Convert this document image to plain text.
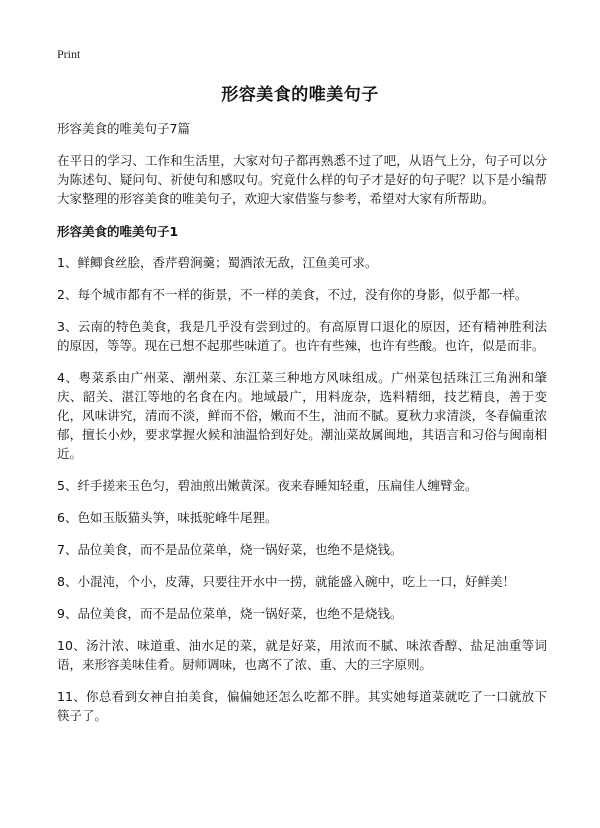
Print
形容美食的唯美句子

形容美食的唯美句子7篇

在平日的学习、工作和生活里，大家对句子都再熟悉不过了吧，从语气上分，句子可以分为陈述句、疑问句、祈使句和感叹句。究竟什么样的句子才是好的句子呢？以下是小编帮大家整理的形容美食的唯美句子，欢迎大家借鉴与参考，希望对大家有所帮助。

形容美食的唯美句子1

1、鲜鲫食丝脍，香芹碧涧羹；蜀酒浓无敌，江鱼美可求。

2、每个城市都有不一样的街景，不一样的美食，不过，没有你的身影，似乎都一样。

3、云南的特色美食，我是几乎没有尝到过的。有高原胃口退化的原因，还有精神胜利法的原因，等等。现在已想不起那些味道了。也许有些辣，也许有些酸。也许，似是而非。

4、粤菜系由广州菜、潮州菜、东江菜三种地方风味组成。广州菜包括珠江三角洲和肇庆、韶关、湛江等地的名食在内。地域最广，用料庞杂，选料精细，技艺精良，善于变化，风味讲究，清而不淡，鲜而不俗，嫩而不生，油而不腻。夏秋力求清淡，冬春偏重浓郁，擅长小炒，要求掌握火候和油温恰到好处。潮汕菜故属闽地，其语言和习俗与闽南相近。

5、纤手搓来玉色匀，碧油煎出嫩黄深。夜来春睡知轻重，压扁佳人缠臂金。

6、色如玉版猫头笋，味抵驼峰牛尾狸。

7、品位美食，而不是品位菜单，烧一锅好菜，也绝不是烧钱。

8、小混沌，个小，皮薄，只要往开水中一捞，就能盛入碗中，吃上一口，好鲜美！

9、品位美食，而不是品位菜单，烧一锅好菜，也绝不是烧钱。

10、汤汁浓、味道重、油水足的菜，就是好菜，用浓而不腻、味浓香醇、盐足油重等词语，来形容美味佳肴。厨师调味，也离不了浓、重、大的三字原则。

11、你总看到女神自拍美食，偏偏她还怎么吃都不胖。其实她每道菜就吃了一口就放下筷子了。
